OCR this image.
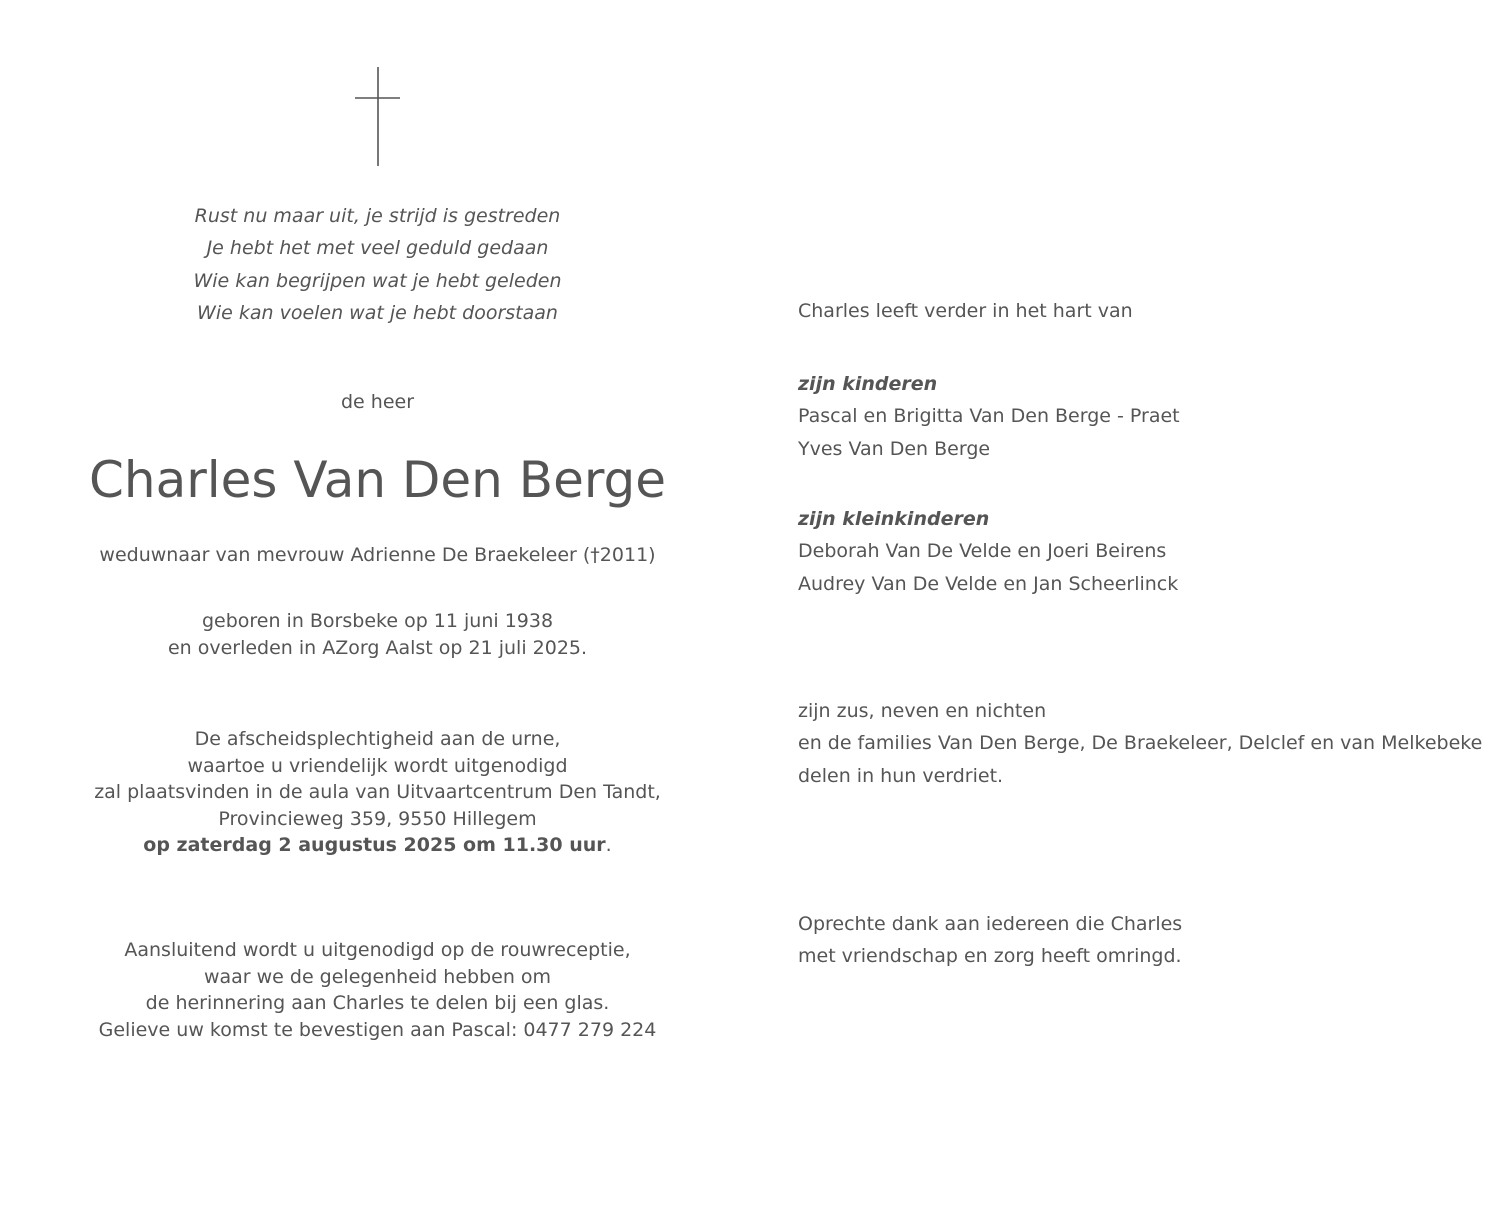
Rust nu maar uit, je strijd is gestreden
Je hebt het met veel geduld gedaan
Wie kan begrijpen wat je hebt geleden
Wie kan voelen wat je hebt doorstaan
de heer
Charles Van Den Berge
weduwnaar van mevrouw Adrienne De Braekeleer (†2011)
geboren in Borsbeke op 11 juni 1938
en overleden in AZorg Aalst op 21 juli 2025.
De afscheidsplechtigheid aan de urne,
waartoe u vriendelijk wordt uitgenodigd
zal plaatsvinden in de aula van Uitvaartcentrum Den Tandt,
Provincieweg 359, 9550 Hillegem
op zaterdag 2 augustus 2025 om 11.30 uur.
Aansluitend wordt u uitgenodigd op de rouwreceptie,
waar we de gelegenheid hebben om
de herinnering aan Charles te delen bij een glas.
Gelieve uw komst te bevestigen aan Pascal: 0477 279 224
Charles leeft verder in het hart van
zijn kinderen
Pascal en Brigitta Van Den Berge - Praet
Yves Van Den Berge
zijn kleinkinderen
Deborah Van De Velde en Joeri Beirens
Audrey Van De Velde en Jan Scheerlinck
zijn zus, neven en nichten
en de families Van Den Berge, De Braekeleer, Delclef en van Melkebeke
delen in hun verdriet.
Oprechte dank aan iedereen die Charles
met vriendschap en zorg heeft omringd.
